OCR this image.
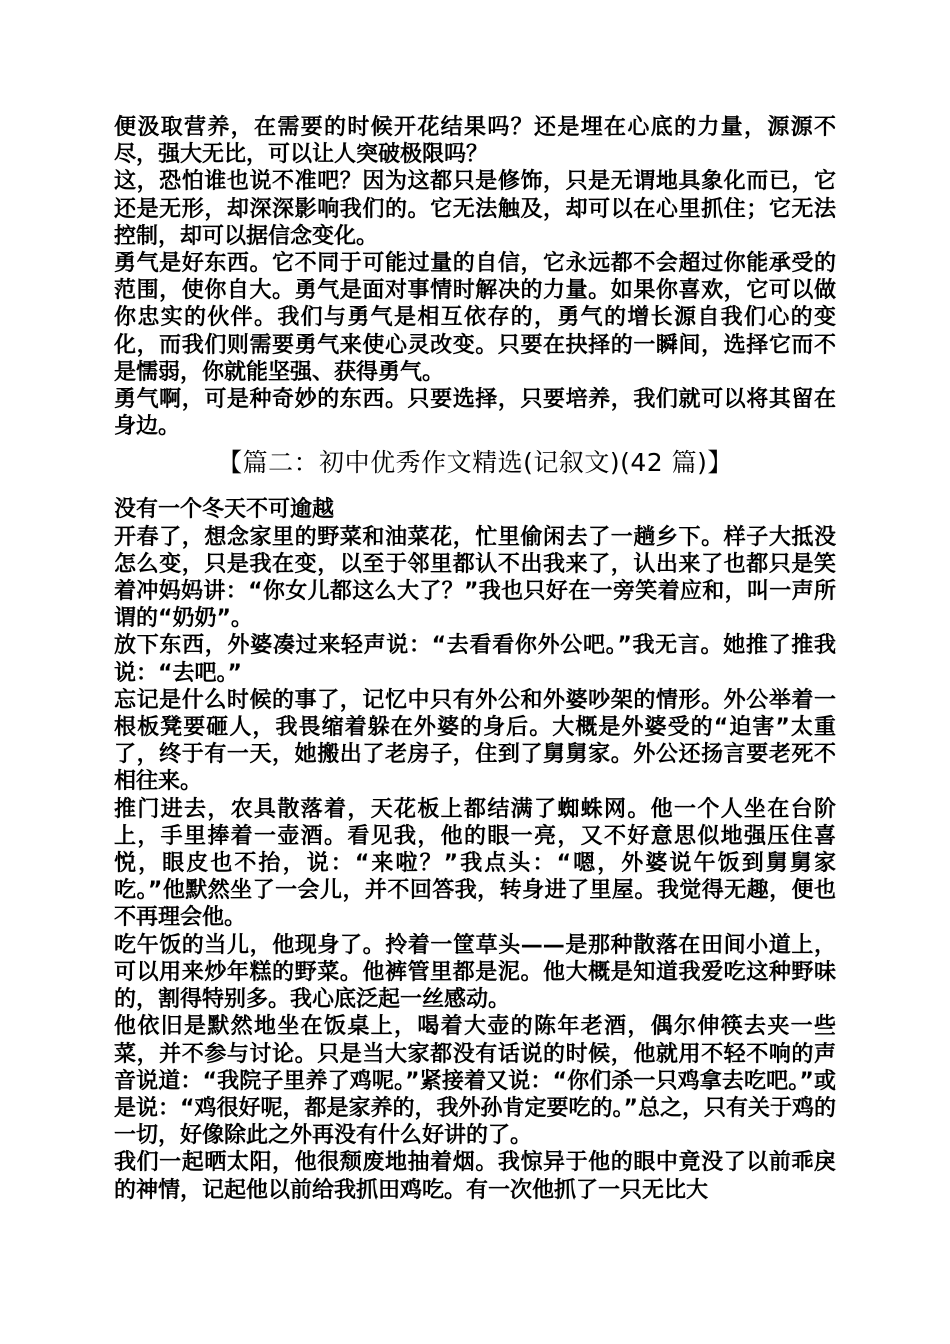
便汲取营养，在需要的时候开花结果吗？还是埋在心底的力量，源源不尽，强大无比，可以让人突破极限吗？

这，恐怕谁也说不准吧？因为这都只是修饰，只是无谓地具象化而已，它还是无形，却深深影响我们的。它无法触及，却可以在心里抓住；它无法控制，却可以据信念变化。

勇气是好东西。它不同于可能过量的自信，它永远都不会超过你能承受的范围，使你自大。勇气是面对事情时解决的力量。如果你喜欢，它可以做你忠实的伙伴。我们与勇气是相互依存的，勇气的增长源自我们心的变化，而我们则需要勇气来使心灵改变。只要在抉择的一瞬间，选择它而不是懦弱，你就能坚强、获得勇气。

勇气啊，可是种奇妙的东西。只要选择，只要培养，我们就可以将其留在身边。

【篇二：初中优秀作文精选(记叙文)(42 篇)】

没有一个冬天不可逾越

开春了，想念家里的野菜和油菜花，忙里偷闲去了一趟乡下。样子大抵没怎么变，只是我在变，以至于邻里都认不出我来了，认出来了也都只是笑着冲妈妈讲：“你女儿都这么大了？”我也只好在一旁笑着应和，叫一声所谓的“奶奶”。

放下东西，外婆凑过来轻声说：“去看看你外公吧。”我无言。她推了推我说：“去吧。”

忘记是什么时候的事了，记忆中只有外公和外婆吵架的情形。外公举着一根板凳要砸人，我畏缩着躲在外婆的身后。大概是外婆受的“迫害”太重了，终于有一天，她搬出了老房子，住到了舅舅家。外公还扬言要老死不相往来。

推门进去，农具散落着，天花板上都结满了蜘蛛网。他一个人坐在台阶上，手里捧着一壶酒。看见我，他的眼一亮，又不好意思似地强压住喜悦，眼皮也不抬，说：“来啦？”我点头：“嗯，外婆说午饭到舅舅家吃。”他默然坐了一会儿，并不回答我，转身进了里屋。我觉得无趣，便也不再理会他。

吃午饭的当儿，他现身了。拎着一筐草头——是那种散落在田间小道上，可以用来炒年糕的野菜。他裤管里都是泥。他大概是知道我爱吃这种野味的，割得特别多。我心底泛起一丝感动。

他依旧是默然地坐在饭桌上，喝着大壶的陈年老酒，偶尔伸筷去夹一些菜，并不参与讨论。只是当大家都没有话说的时候，他就用不轻不响的声音说道：“我院子里养了鸡呢。”紧接着又说：“你们杀一只鸡拿去吃吧。”或是说：“鸡很好呢，都是家养的，我外孙肯定要吃的。”总之，只有关于鸡的一切，好像除此之外再没有什么好讲的了。

我们一起晒太阳，他很颓废地抽着烟。我惊异于他的眼中竟没了以前乖戾的神情，记起他以前给我抓田鸡吃。有一次他抓了一只无比大
